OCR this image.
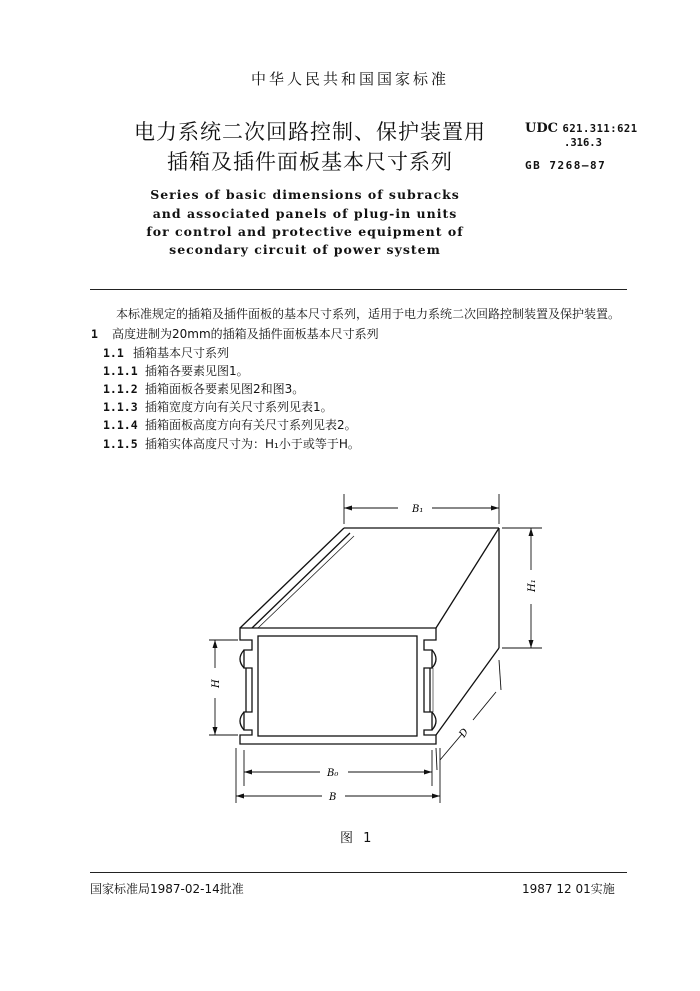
中华人民共和国国家标准
电力系统二次回路控制、保护装置用
插箱及插件面板基本尺寸系列
UDC 621.311:621
.316.3
GB 7268—87
Series of basic dimensions of subracks
and associated panels of plug-in units
for control and protective equipment of
secondary circuit of power system
本标准规定的插箱及插件面板的基本尺寸系列，适用于电力系统二次回路控制装置及保护装置。
1 高度进制为20mm的插箱及插件面板基本尺寸系列
1.1 插箱基本尺寸系列
1.1.1 插箱各要素见图1。
1.1.2 插箱面板各要素见图2和图3。
1.1.3 插箱宽度方向有关尺寸系列见表1。
1.1.4 插箱面板高度方向有关尺寸系列见表2。
1.1.5 插箱实体高度尺寸为：H₁小于或等于H。
B₁
H₁
H
B₀
B
D
图 1
国家标准局1987-02-14批准	1987 12 01实施
